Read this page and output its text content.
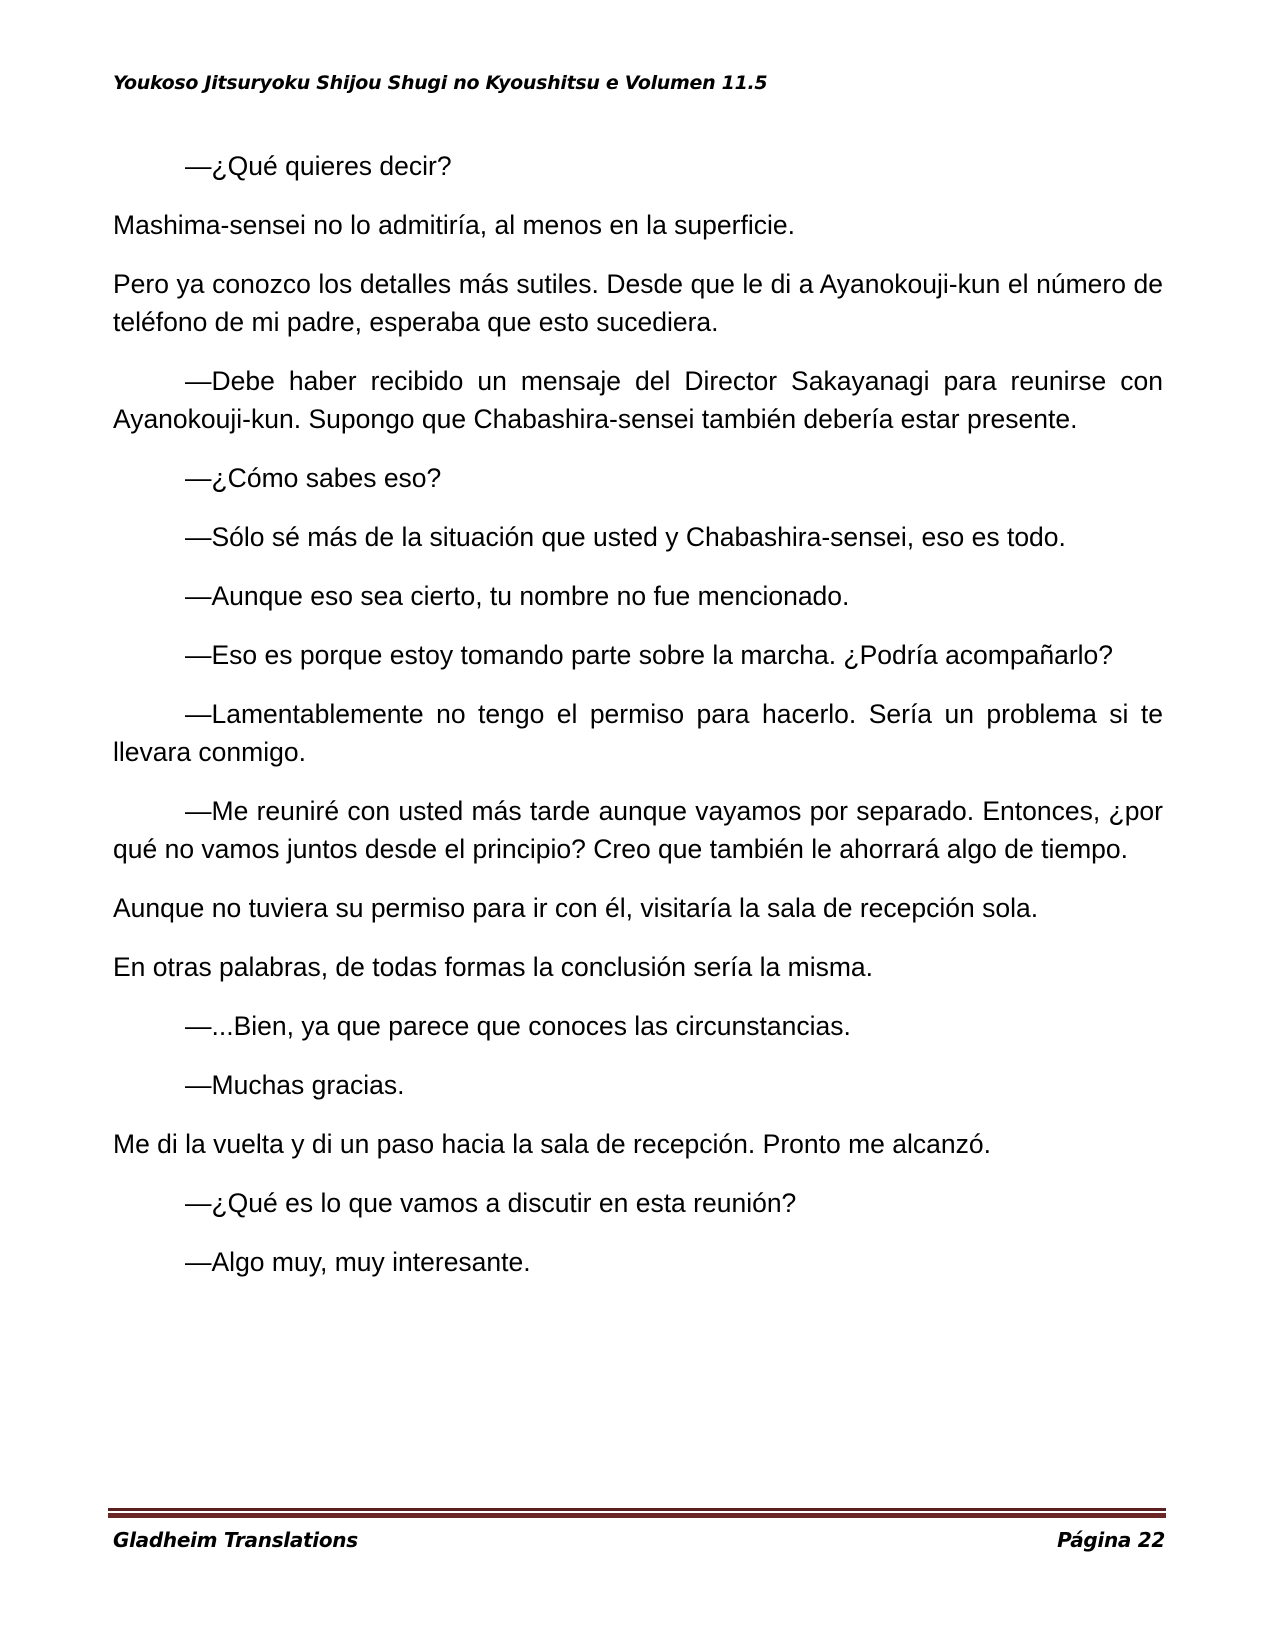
Youkoso Jitsuryoku Shijou Shugi no Kyoushitsu e Volumen 11.5

—¿Qué quieres decir?

Mashima-sensei no lo admitiría, al menos en la superficie.

Pero ya conozco los detalles más sutiles. Desde que le di a Ayanokouji-kun el número de teléfono de mi padre, esperaba que esto sucediera.

—Debe haber recibido un mensaje del Director Sakayanagi para reunirse con Ayanokouji-kun. Supongo que Chabashira-sensei también debería estar presente.

—¿Cómo sabes eso?

—Sólo sé más de la situación que usted y Chabashira-sensei, eso es todo.

—Aunque eso sea cierto, tu nombre no fue mencionado.

—Eso es porque estoy tomando parte sobre la marcha. ¿Podría acompañarlo?

—Lamentablemente no tengo el permiso para hacerlo. Sería un problema si te llevara conmigo.

—Me reuniré con usted más tarde aunque vayamos por separado. Entonces, ¿por qué no vamos juntos desde el principio? Creo que también le ahorrará algo de tiempo.

Aunque no tuviera su permiso para ir con él, visitaría la sala de recepción sola.

En otras palabras, de todas formas la conclusión sería la misma.

—...Bien, ya que parece que conoces las circunstancias.

—Muchas gracias.

Me di la vuelta y di un paso hacia la sala de recepción. Pronto me alcanzó.

—¿Qué es lo que vamos a discutir en esta reunión?

—Algo muy, muy interesante.

Gladheim Translations	Página 22
